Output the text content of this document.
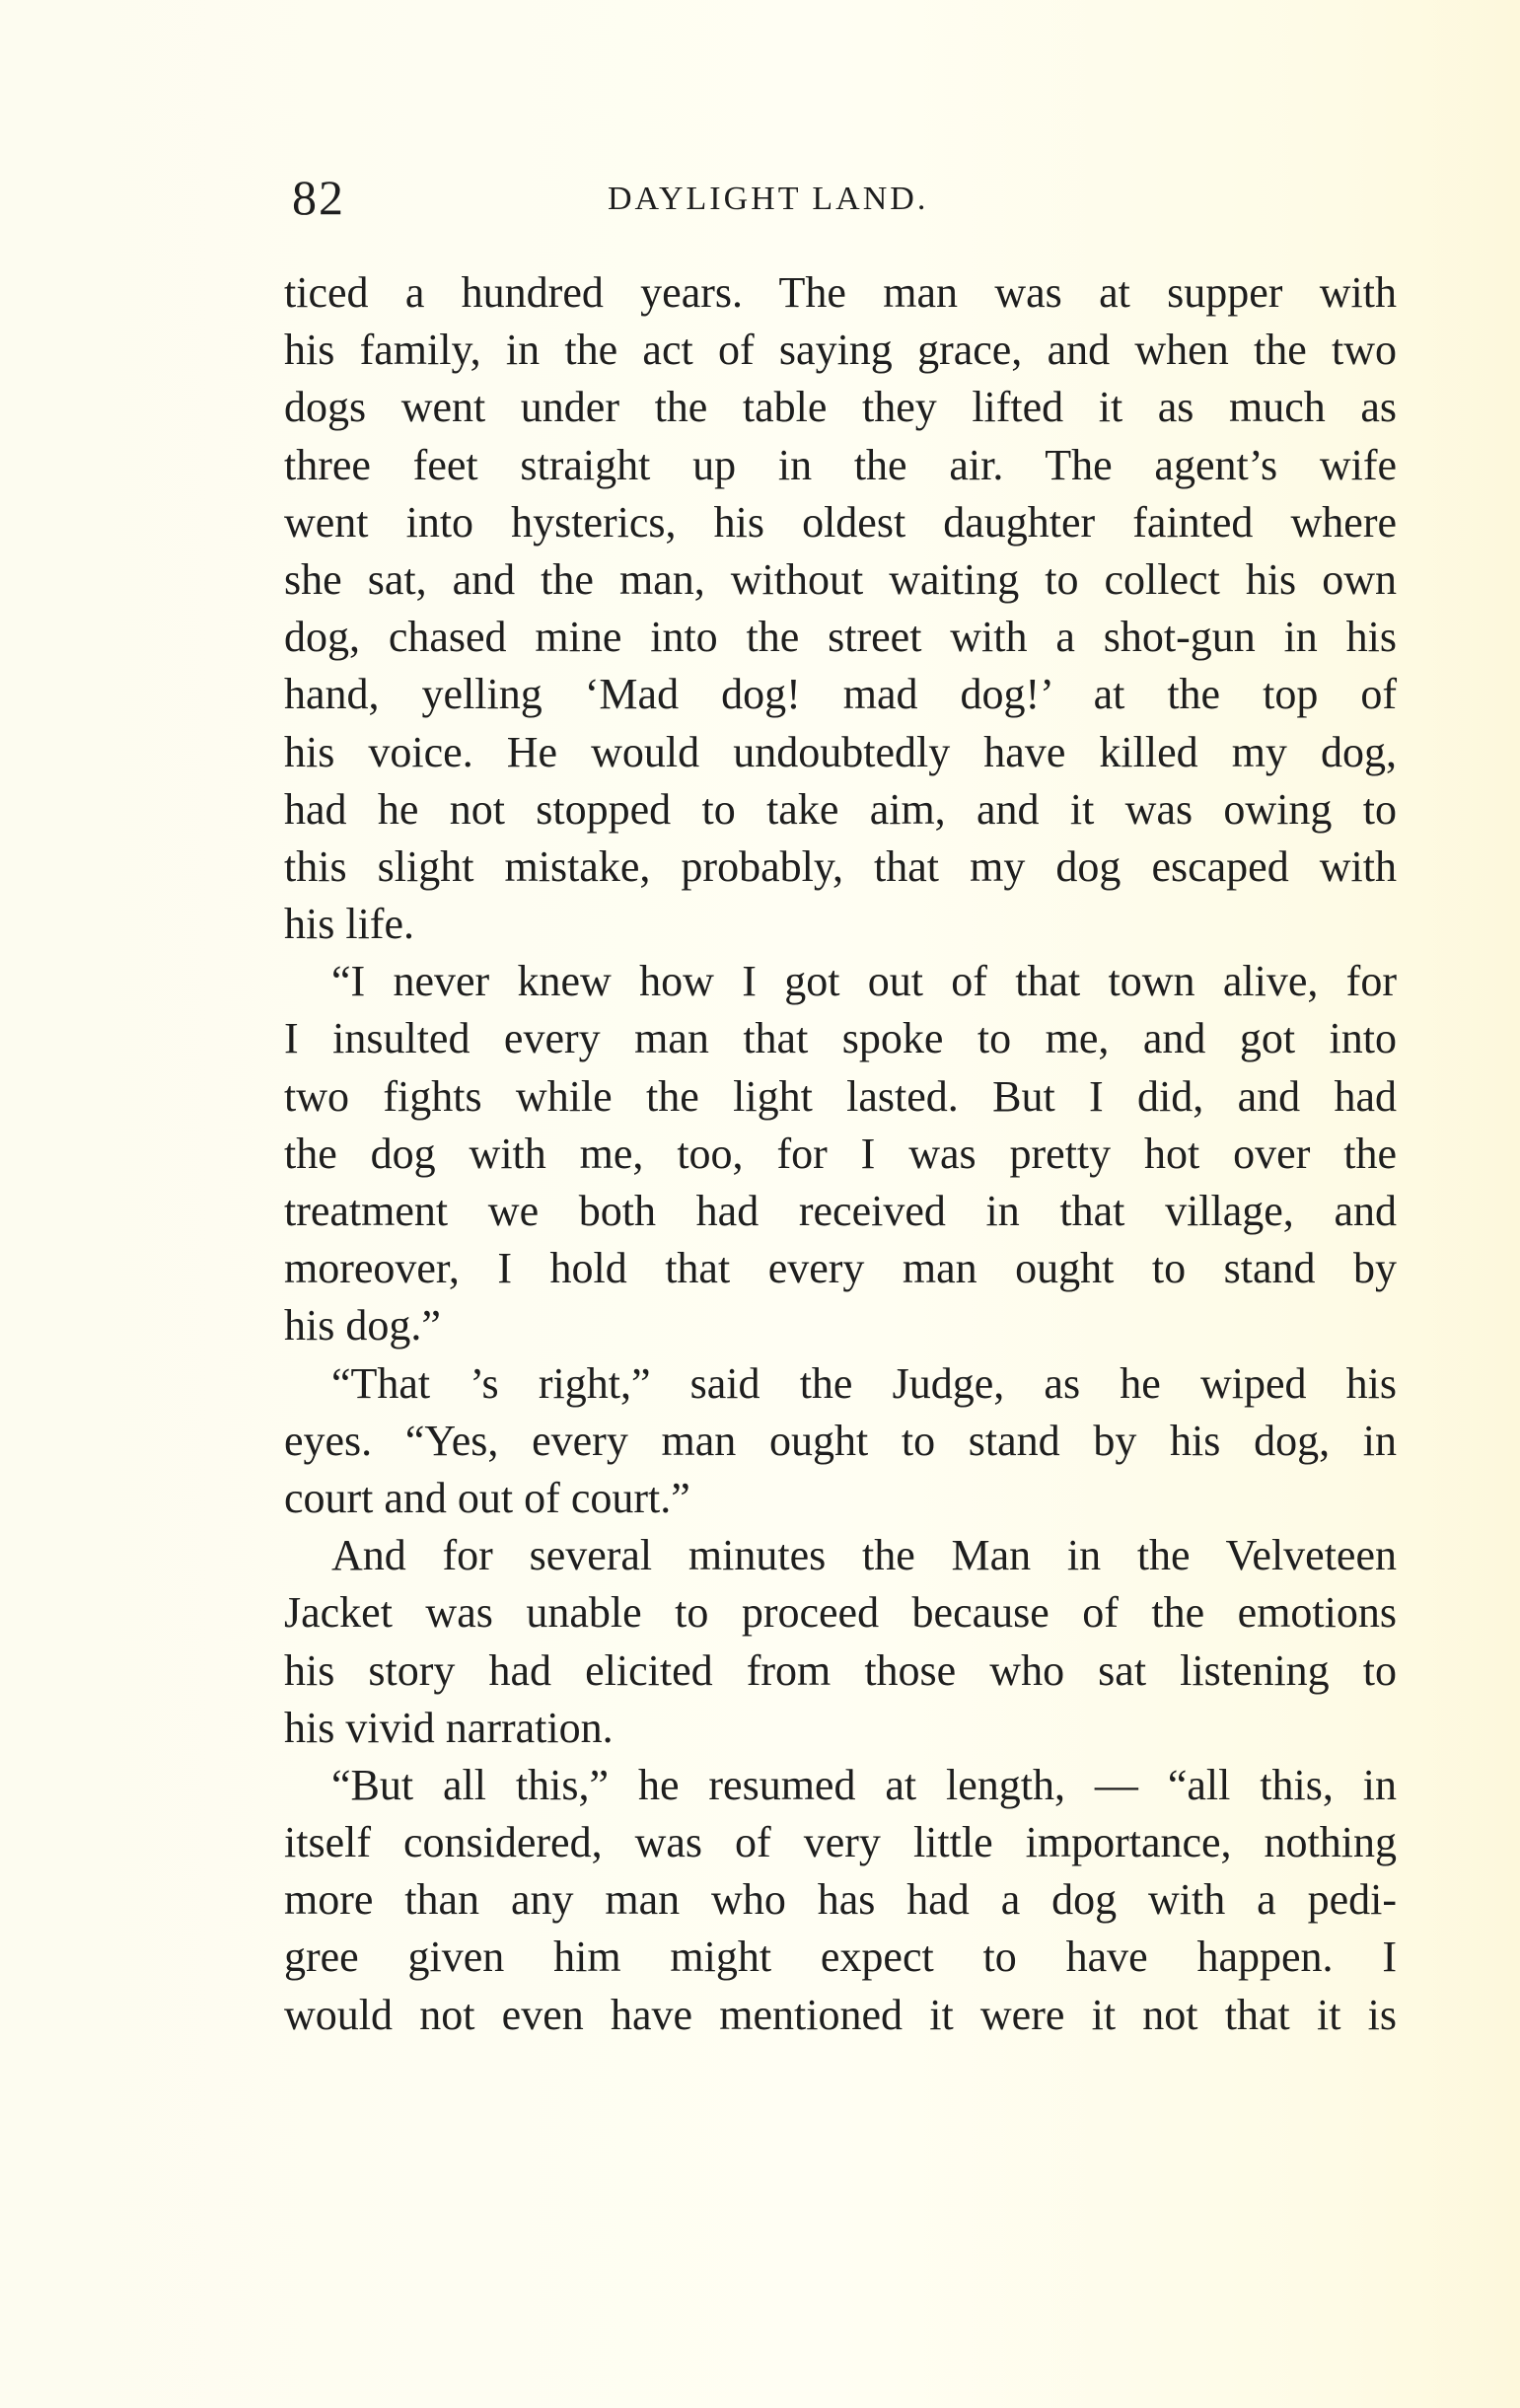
82	DAYLIGHT LAND.
ticed a hundred years. The man was at supper with
his family, in the act of saying grace, and when the two
dogs went under the table they lifted it as much as
three feet straight up in the air. The agent’s wife
went into hysterics, his oldest daughter fainted where
she sat, and the man, without waiting to collect his own
dog, chased mine into the street with a shot-gun in his
hand, yelling ‘Mad dog! mad dog!’ at the top of
his voice. He would undoubtedly have killed my dog,
had he not stopped to take aim, and it was owing to
this slight mistake, probably, that my dog escaped with
his life.
“I never knew how I got out of that town alive, for
I insulted every man that spoke to me, and got into
two fights while the light lasted. But I did, and had
the dog with me, too, for I was pretty hot over the
treatment we both had received in that village, and
moreover, I hold that every man ought to stand by
his dog.”
“That ’s right,” said the Judge, as he wiped his
eyes. “Yes, every man ought to stand by his dog, in
court and out of court.”
And for several minutes the Man in the Velveteen
Jacket was unable to proceed because of the emotions
his story had elicited from those who sat listening to
his vivid narration.
“But all this,” he resumed at length, — “all this, in
itself considered, was of very little importance, nothing
more than any man who has had a dog with a pedi-
gree given him might expect to have happen. I
would not even have mentioned it were it not that it is
